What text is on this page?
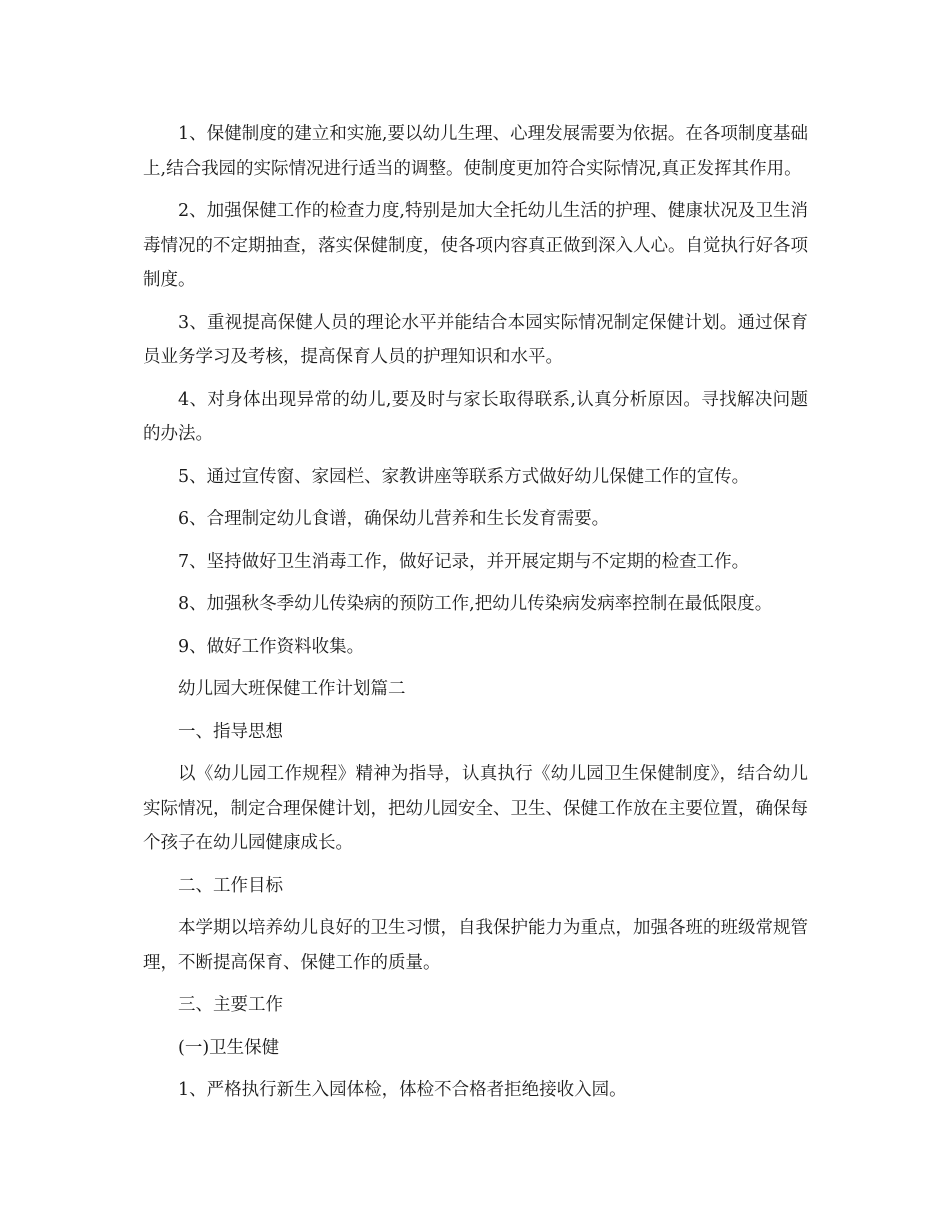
1、保健制度的建立和实施,要以幼儿生理、心理发展需要为依据。在各项制度基础上,结合我园的实际情况进行适当的调整。使制度更加符合实际情况,真正发挥其作用。

2、加强保健工作的检查力度,特别是加大全托幼儿生活的护理、健康状况及卫生消毒情况的不定期抽查，落实保健制度，使各项内容真正做到深入人心。自觉执行好各项制度。

3、重视提高保健人员的理论水平并能结合本园实际情况制定保健计划。通过保育员业务学习及考核，提高保育人员的护理知识和水平。

4、对身体出现异常的幼儿,要及时与家长取得联系,认真分析原因。寻找解决问题的办法。

5、通过宣传窗、家园栏、家教讲座等联系方式做好幼儿保健工作的宣传。

6、合理制定幼儿食谱，确保幼儿营养和生长发育需要。

7、坚持做好卫生消毒工作，做好记录，并开展定期与不定期的检查工作。

8、加强秋冬季幼儿传染病的预防工作,把幼儿传染病发病率控制在最低限度。

9、做好工作资料收集。

幼儿园大班保健工作计划篇二

一、指导思想

以《幼儿园工作规程》精神为指导，认真执行《幼儿园卫生保健制度》，结合幼儿实际情况，制定合理保健计划，把幼儿园安全、卫生、保健工作放在主要位置，确保每个孩子在幼儿园健康成长。

二、工作目标

本学期以培养幼儿良好的卫生习惯，自我保护能力为重点，加强各班的班级常规管理，不断提高保育、保健工作的质量。

三、主要工作

(一)卫生保健

1、严格执行新生入园体检，体检不合格者拒绝接收入园。
